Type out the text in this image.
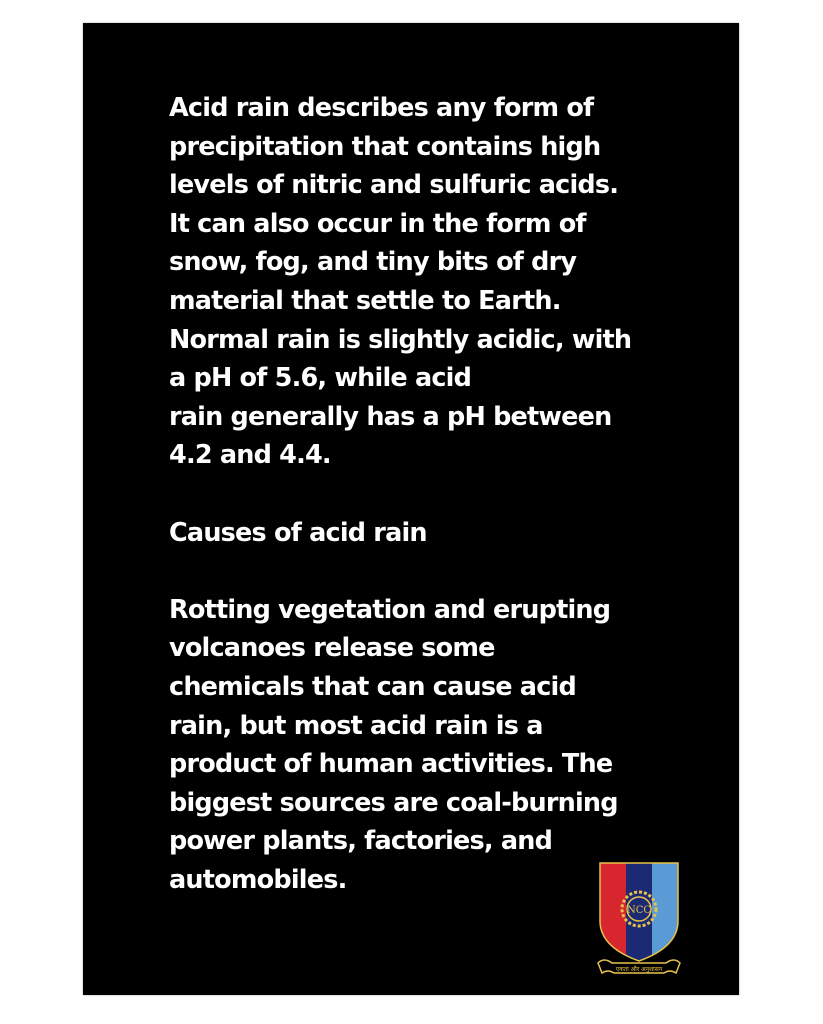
Acid rain describes any form of
precipitation that contains high
levels of nitric and sulfuric acids.
It can also occur in the form of
snow, fog, and tiny bits of dry
material that settle to Earth.
Normal rain is slightly acidic, with
a pH of 5.6, while acid
rain generally has a pH between
4.2 and 4.4.

Causes of acid rain

Rotting vegetation and erupting
volcanoes release some
chemicals that can cause acid
rain, but most acid rain is a
product of human activities. The
biggest sources are coal-burning
power plants, factories, and
automobiles.

NCC
एकता और अनुशासन
